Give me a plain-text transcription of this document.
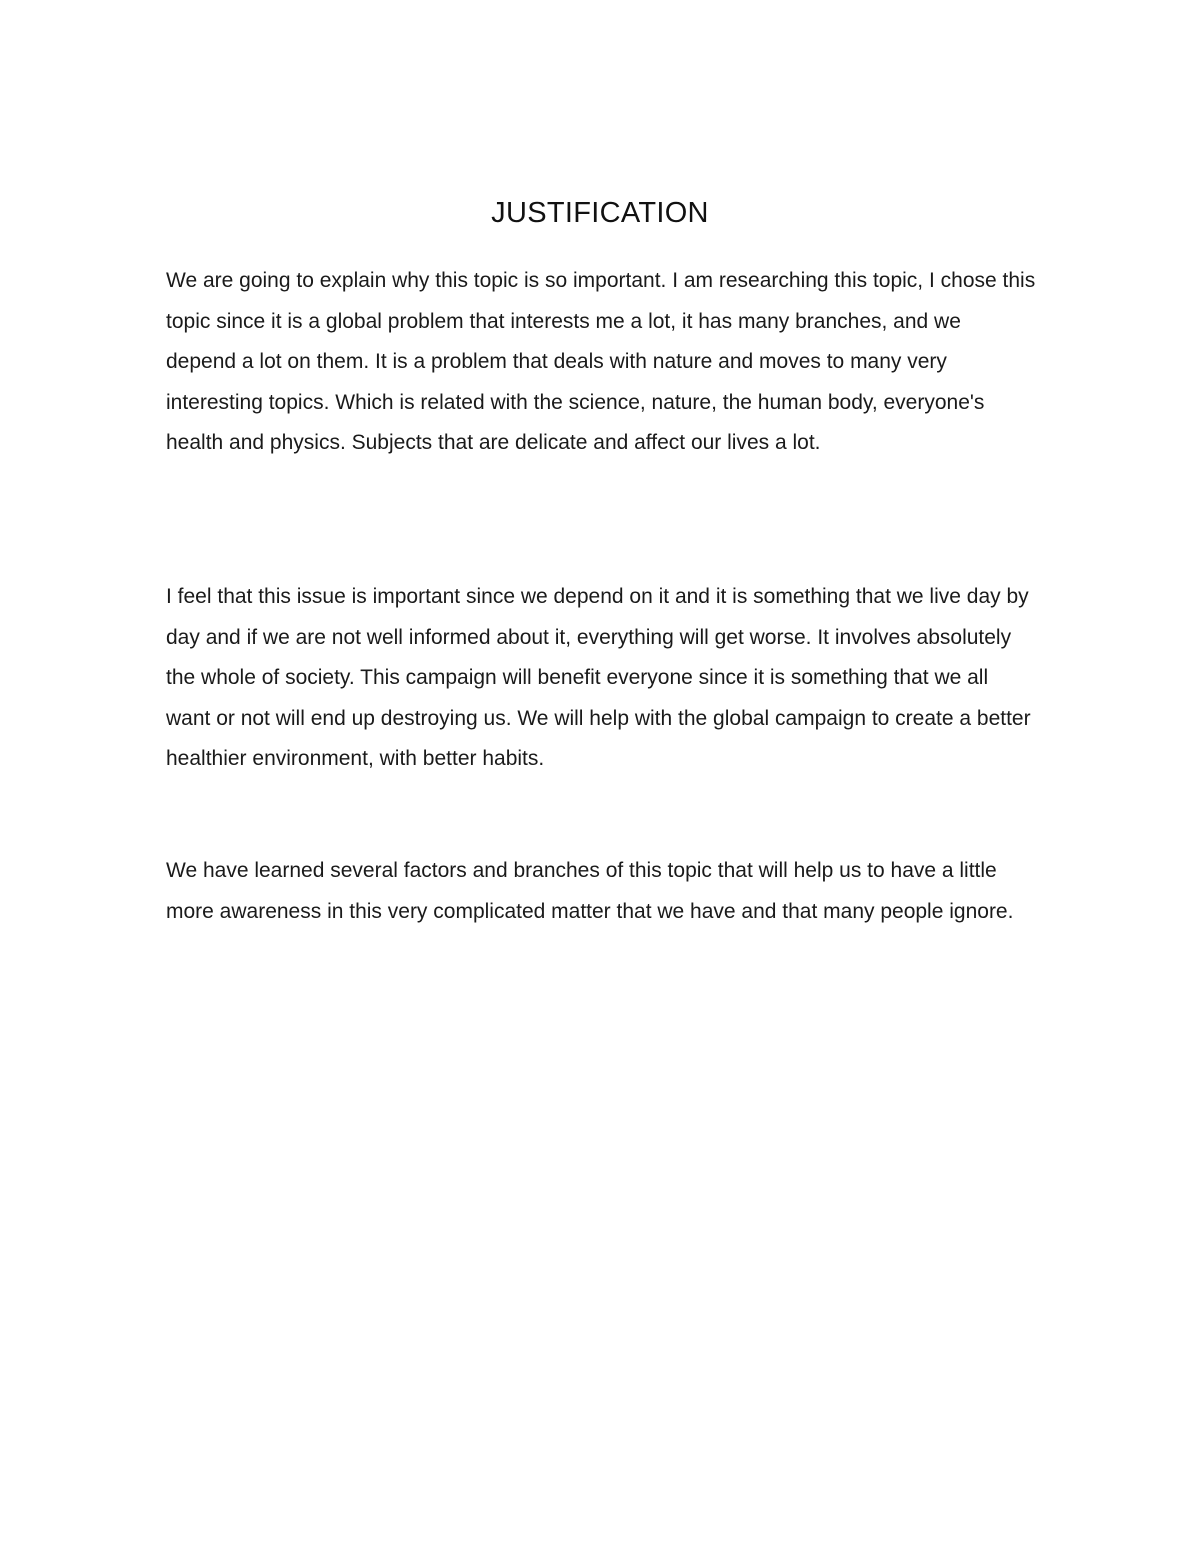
JUSTIFICATION

We are going to explain why this topic is so important. I am researching this topic, I chose this topic since it is a global problem that interests me a lot, it has many branches, and we depend a lot on them. It is a problem that deals with nature and moves to many very interesting topics. Which is related with the science, nature, the human body, everyone's health and physics. Subjects that are delicate and affect our lives a lot.

I feel that this issue is important since we depend on it and it is something that we live day by day and if we are not well informed about it, everything will get worse. It involves absolutely the whole of society. This campaign will benefit everyone since it is something that we all want or not will end up destroying us. We will help with the global campaign to create a better healthier environment, with better habits.

We have learned several factors and branches of this topic that will help us to have a little more awareness in this very complicated matter that we have and that many people ignore.
